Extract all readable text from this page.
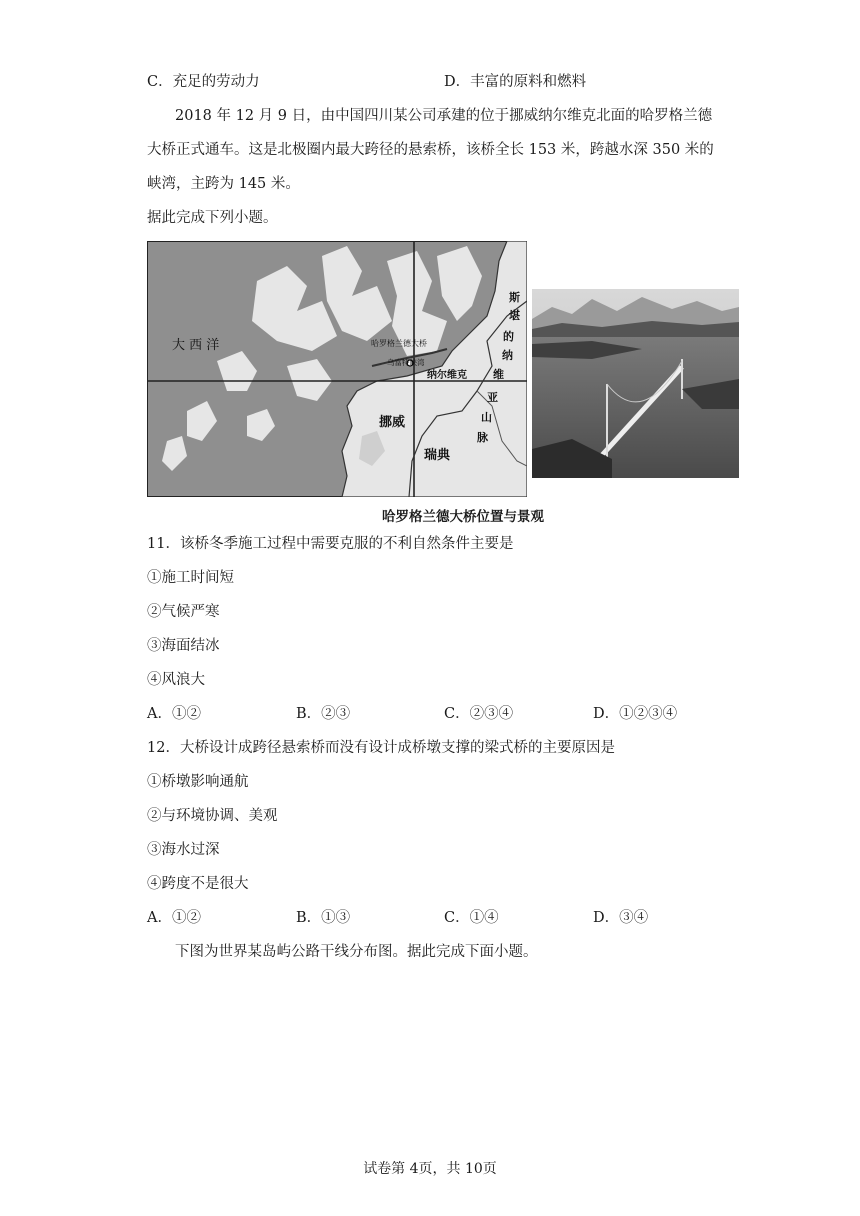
C．充足的劳动力	D．丰富的原料和燃料
2018 年 12 月 9 日，由中国四川某公司承建的位于挪威纳尔维克北面的哈罗格兰德
大桥正式通车。这是北极圈内最大跨径的悬索桥，该桥全长 153 米，跨越水深 350 米的
峡湾，主跨为 145 米。
据此完成下列小题。
大 西 洋	哈罗格兰德大桥
乌富特峡湾
纳尔维克
挪威
瑞典
斯
堪
的
纳
维
亚
山
脉
哈罗格兰德大桥位置与景观
11．该桥冬季施工过程中需要克服的不利自然条件主要是
①施工时间短
②气候严寒
③海面结冰
④风浪大
A．①②	B．②③	C．②③④	D．①②③④
12．大桥设计成跨径悬索桥而没有设计成桥墩支撑的梁式桥的主要原因是
①桥墩影响通航
②与环境协调、美观
③海水过深
④跨度不是很大
A．①②	B．①③	C．①④	D．③④
下图为世界某岛屿公路干线分布图。据此完成下面小题。
试卷第 4页，共 10页
